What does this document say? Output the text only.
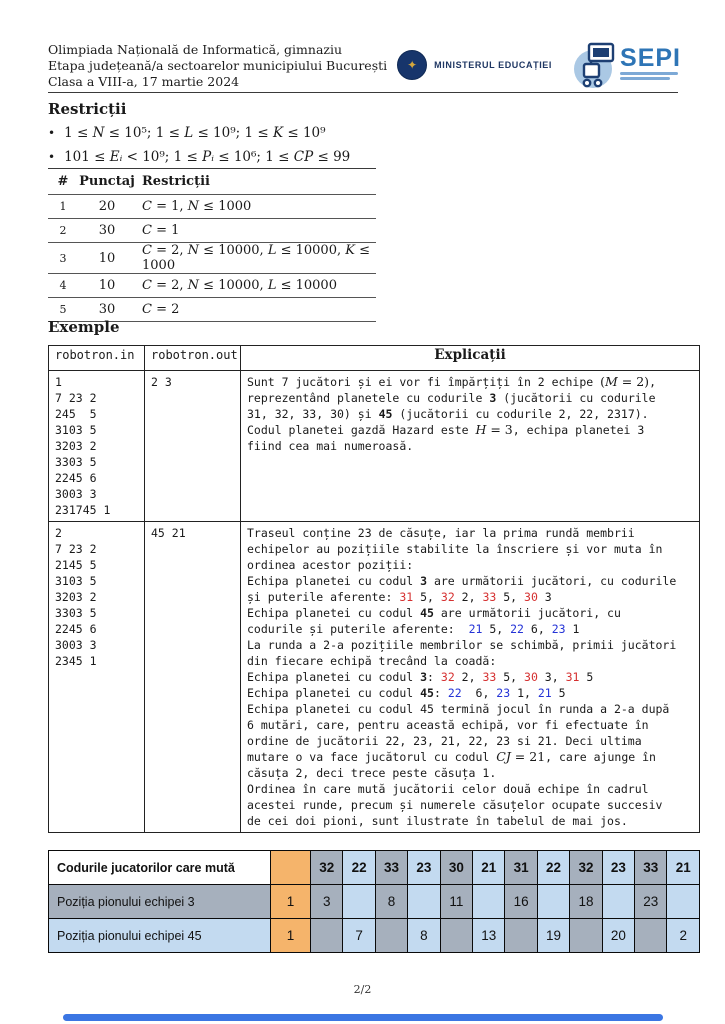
Olimpiada Națională de Informatică, gimnaziu
Etapa județeană/a sectoarelor municipiului București
Clasa a VIII-a, 17 martie 2024
✦	MINISTERUL EDUCAȚIEI	SEPI
Restricții
• 1 ≤ N ≤ 10⁵; 1 ≤ L ≤ 10⁹; 1 ≤ K ≤ 10⁹
• 101 ≤ Eᵢ < 10⁹; 1 ≤ Pᵢ ≤ 10⁶; 1 ≤ CP ≤ 99
#	Punctaj	Restricții
1	20	C = 1, N ≤ 1000
2	30	C = 1
3	10	C = 2, N ≤ 10000, L ≤ 10000, K ≤ 1000
4	10	C = 2, N ≤ 10000, L ≤ 10000
5	30	C = 2
Exemple
robotron.in	robotron.out	Explicații

1
7 23 2
245  5
3103 5
3203 2
3303 5
2245 6
3003 3
231745 1

2 3	Sunt 7 jucători și ei vor fi împărțiți în 2 echipe (M = 2),
reprezentând planetele cu codurile 3 (jucătorii cu codurile
31, 32, 33, 30) și 45 (jucătorii cu codurile 2, 22, 2317).
Codul planetei gazdă Hazard este H = 3, echipa planetei 3
fiind cea mai numeroasă.

2
7 23 2
2145 5
3103 5
3203 2
3303 5
2245 6
3003 3
2345 1

45 21	Traseul conține 23 de căsuțe, iar la prima rundă membrii
echipelor au pozițiile stabilite la înscriere și vor muta în
ordinea acestor poziții:
Echipa planetei cu codul 3 are următorii jucători, cu codurile
și puterile aferente: 31 5, 32 2, 33 5, 30 3
Echipa planetei cu codul 45 are următorii jucători, cu
codurile și puterile aferente:  21 5, 22 6, 23 1
La runda a 2-a pozițiile membrilor se schimbă, primii jucători
din fiecare echipă trecând la coadă:
Echipa planetei cu codul 3: 32 2, 33 5, 30 3, 31 5
Echipa planetei cu codul 45: 22  6, 23 1, 21 5
Echipa planetei cu codul 45 termină jocul în runda a 2-a după
6 mutări, care, pentru această echipă, vor fi efectuate în
ordine de jucătorii 22, 23, 21, 22, 23 si 21. Deci ultima
mutare o va face jucătorul cu codul CJ = 21, care ajunge în
căsuța 2, deci trece peste căsuța 1.
Ordinea în care mută jucătorii celor două echipe în cadrul
acestei runde, precum și numerele căsuțelor ocupate succesiv
de cei doi pioni, sunt ilustrate în tabelul de mai jos.
Codurile jucatorilor care mută		32	22	33	23	30	21	31	22	32	23	33	21
Poziția pionului echipei 3	1	3		8		11		16		18		23	
Poziția pionului echipei 45	1		7		8		13		19		20		2
2/2
